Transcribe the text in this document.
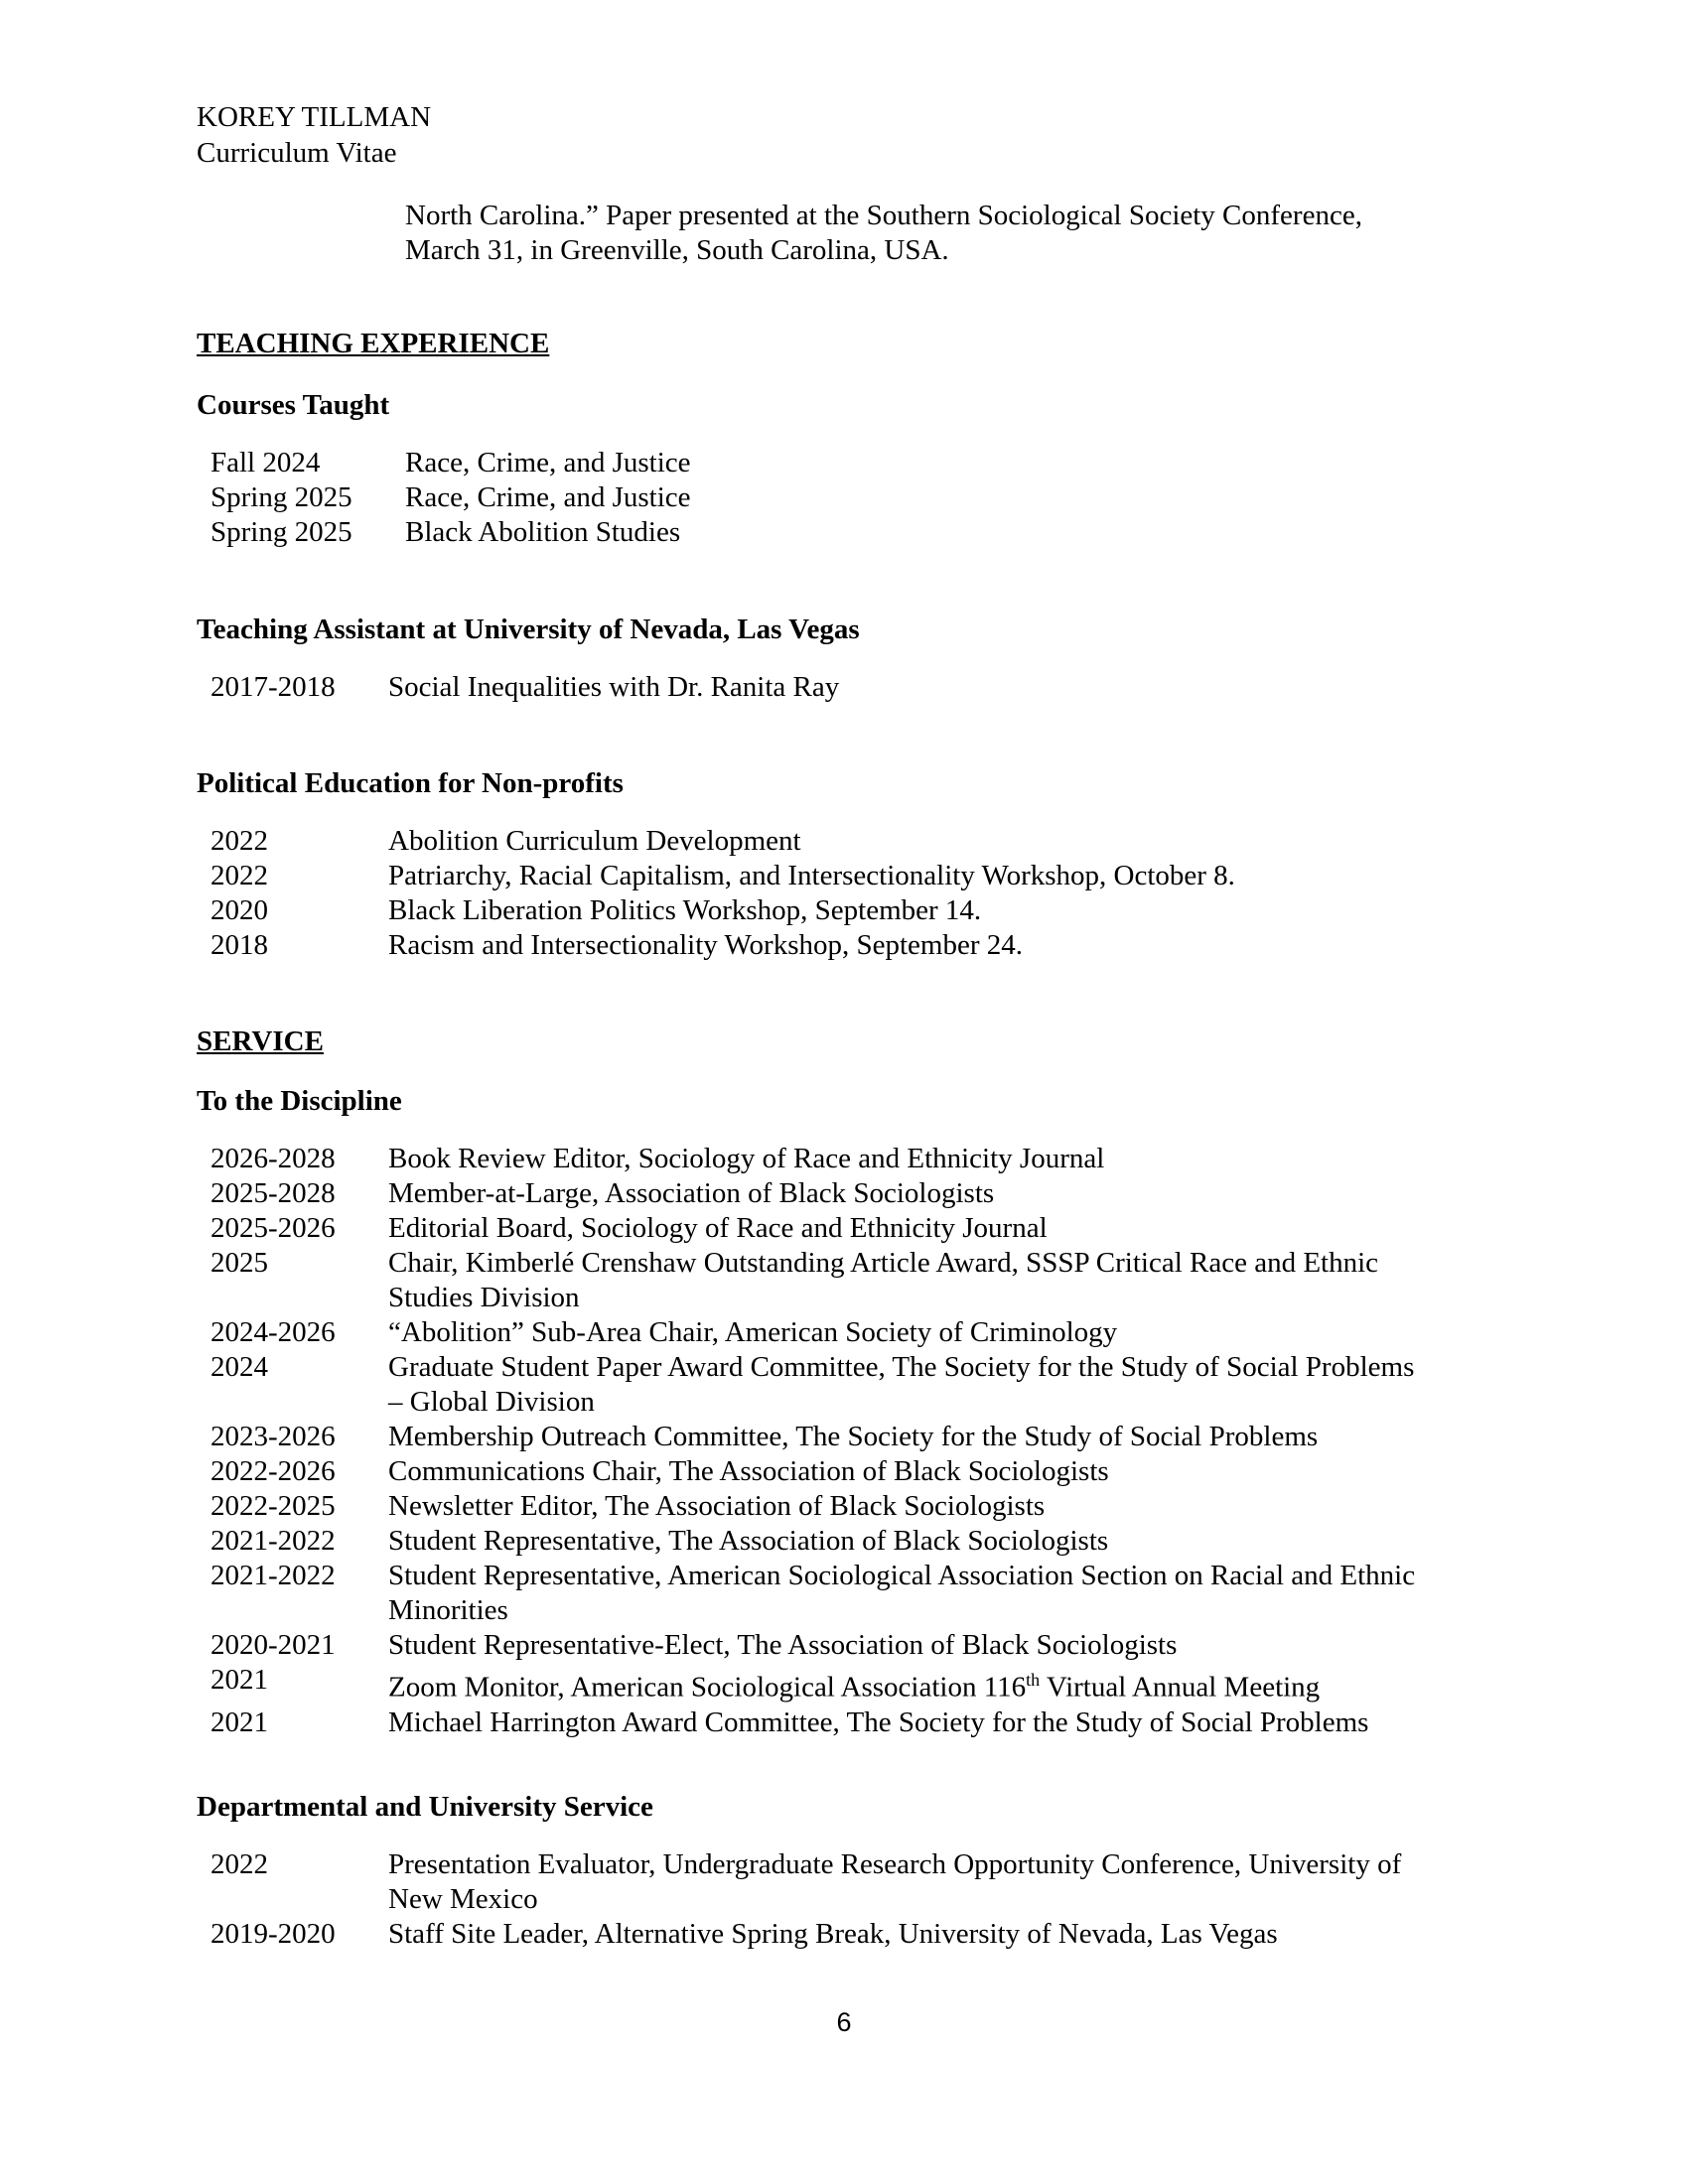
KOREY TILLMAN
Curriculum Vitae
North Carolina.” Paper presented at the Southern Sociological Society Conference,
March 31, in Greenville, South Carolina, USA.
TEACHING EXPERIENCE
Courses Taught
Fall 2024	Race, Crime, and Justice
Spring 2025	Race, Crime, and Justice
Spring 2025	Black Abolition Studies
Teaching Assistant at University of Nevada, Las Vegas
2017-2018	Social Inequalities with Dr. Ranita Ray
Political Education for Non-profits
2022	Abolition Curriculum Development
2022	Patriarchy, Racial Capitalism, and Intersectionality Workshop, October 8.
2020	Black Liberation Politics Workshop, September 14.
2018	Racism and Intersectionality Workshop, September 24.
SERVICE
To the Discipline
2026-2028	Book Review Editor, Sociology of Race and Ethnicity Journal
2025-2028	Member-at-Large, Association of Black Sociologists
2025-2026	Editorial Board, Sociology of Race and Ethnicity Journal
2025	Chair, Kimberlé Crenshaw Outstanding Article Award, SSSP Critical Race and Ethnic
Studies Division
2024-2026	“Abolition” Sub-Area Chair, American Society of Criminology
2024	Graduate Student Paper Award Committee, The Society for the Study of Social Problems
– Global Division
2023-2026	Membership Outreach Committee, The Society for the Study of Social Problems
2022-2026	Communications Chair, The Association of Black Sociologists
2022-2025	Newsletter Editor, The Association of Black Sociologists
2021-2022	Student Representative, The Association of Black Sociologists
2021-2022	Student Representative, American Sociological Association Section on Racial and Ethnic
Minorities
2020-2021	Student Representative-Elect, The Association of Black Sociologists
2021	Zoom Monitor, American Sociological Association 116th Virtual Annual Meeting
2021	Michael Harrington Award Committee, The Society for the Study of Social Problems
Departmental and University Service
2022	Presentation Evaluator, Undergraduate Research Opportunity Conference, University of
New Mexico
2019-2020	Staff Site Leader, Alternative Spring Break, University of Nevada, Las Vegas
6
